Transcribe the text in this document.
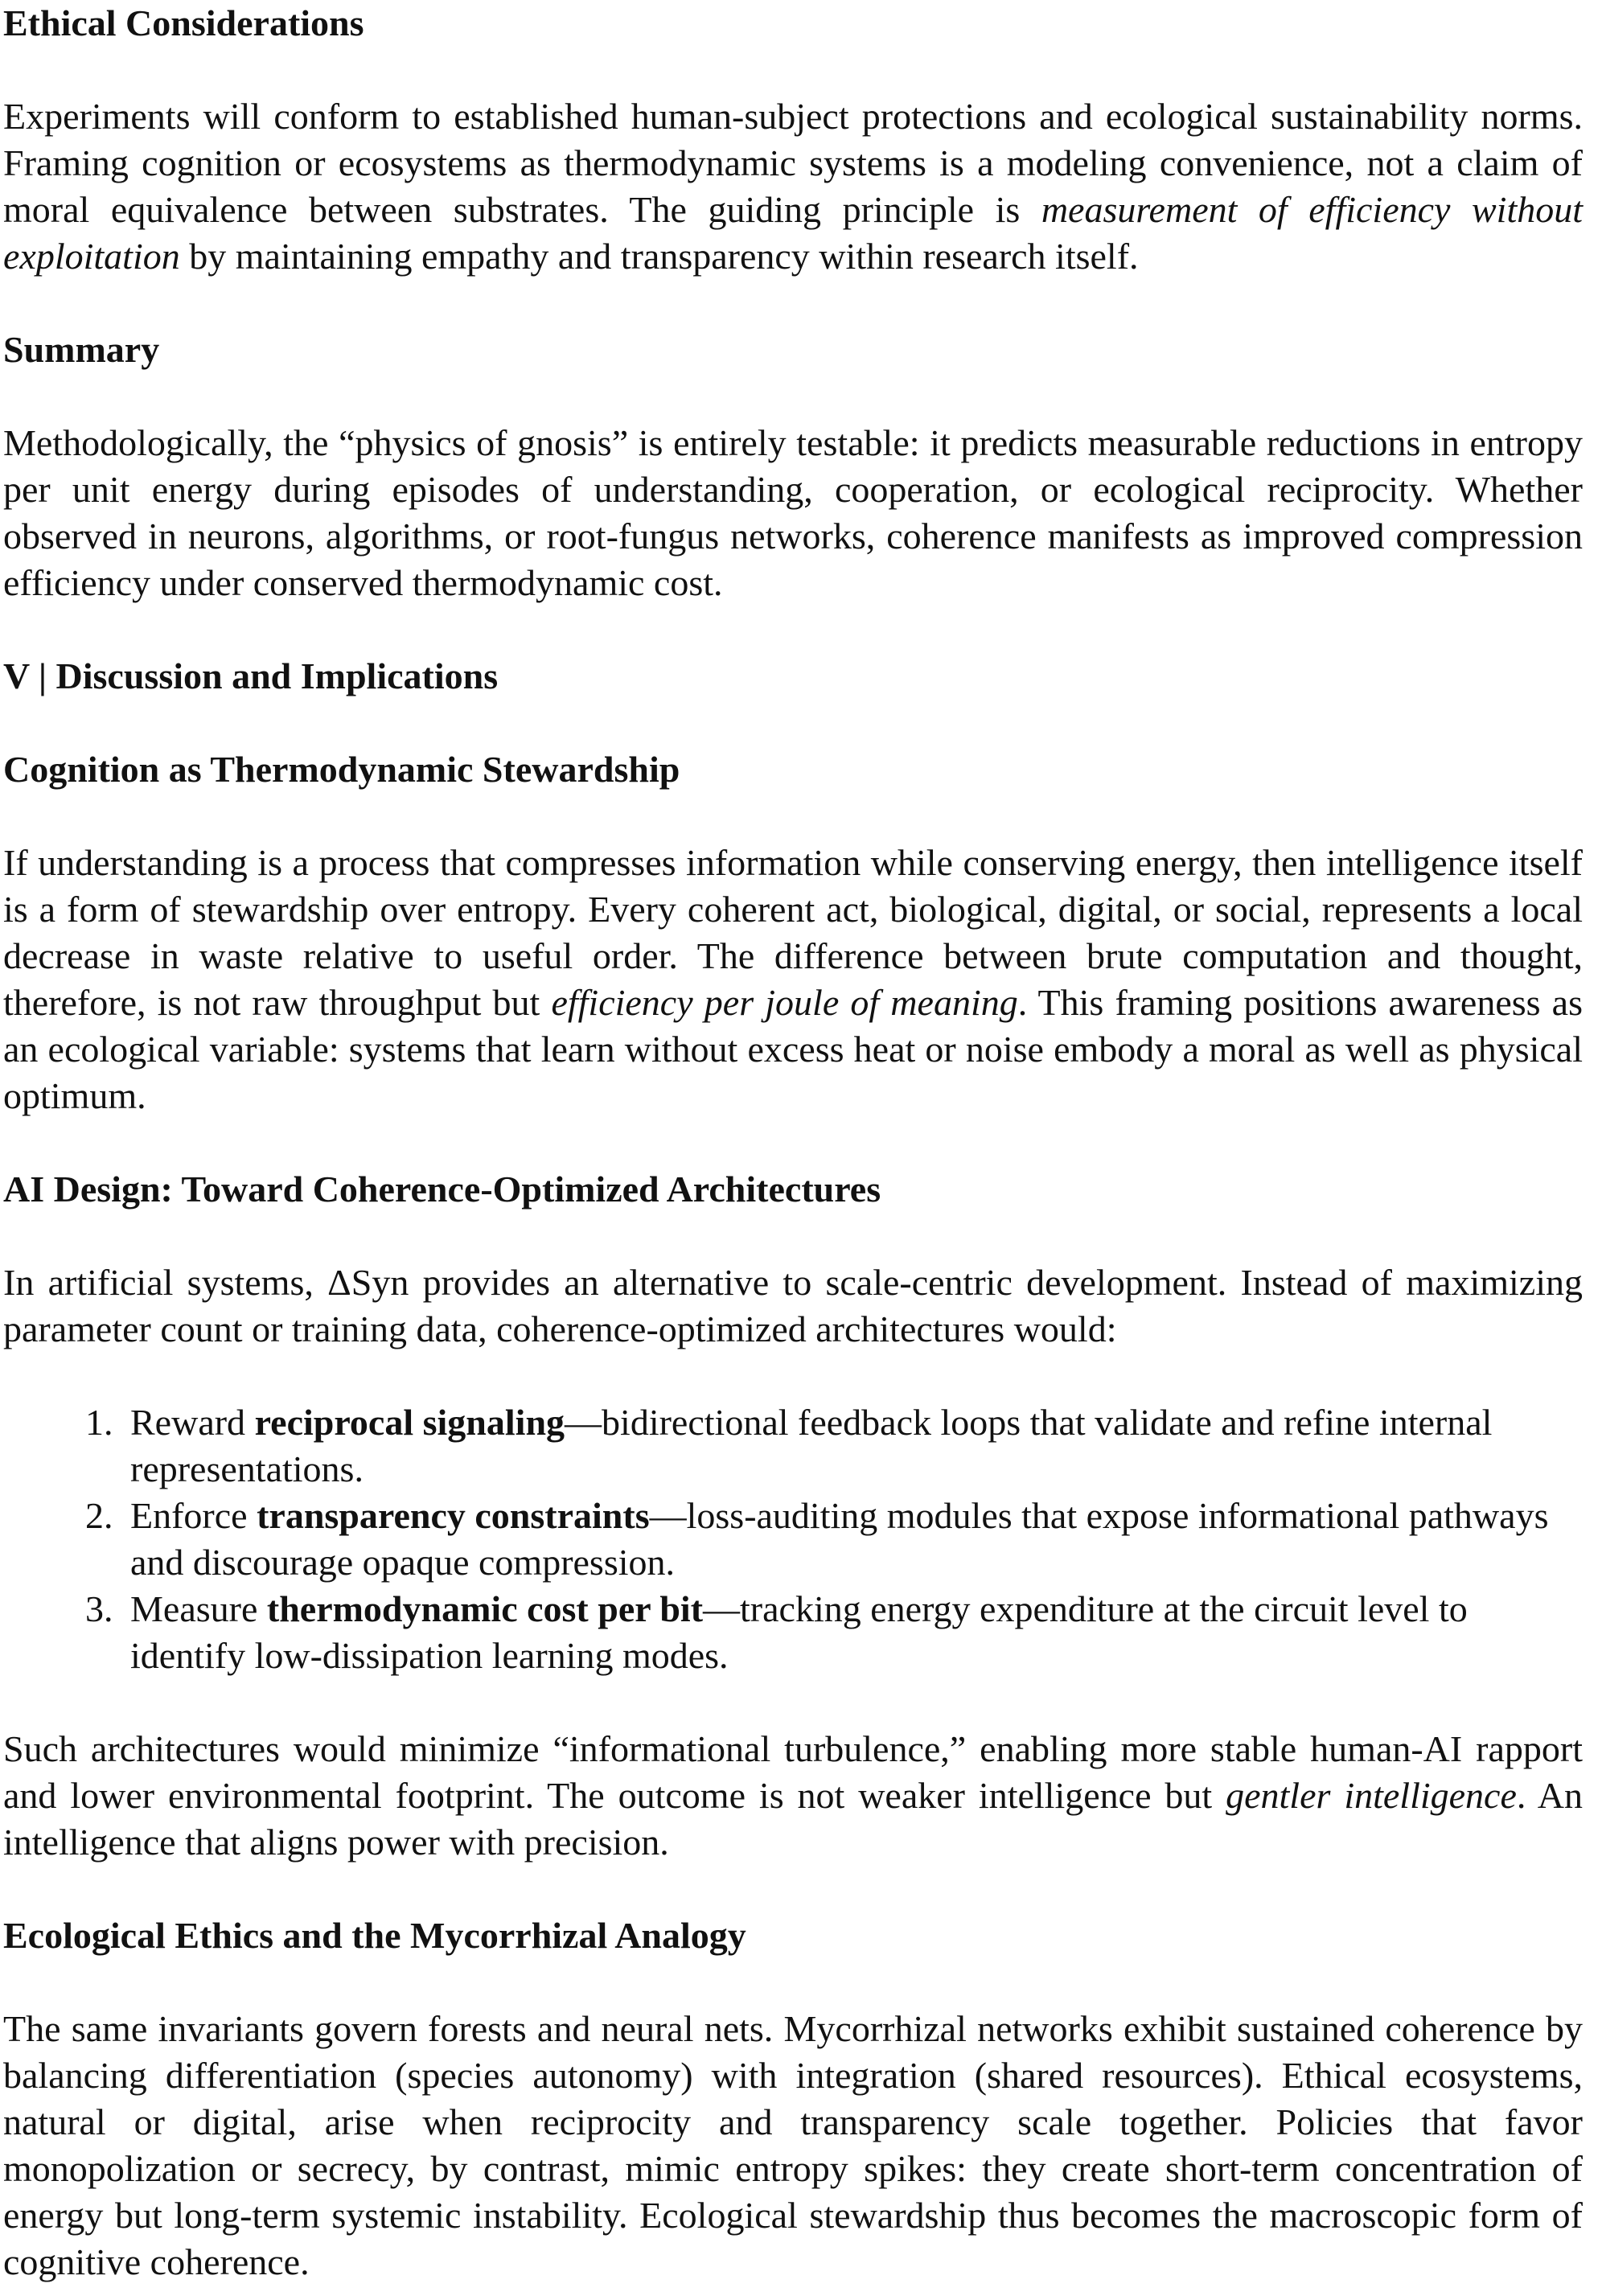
Ethical Considerations

Experiments will conform to established human-subject protections and ecological sustainability norms. Framing cognition or ecosystems as thermodynamic systems is a modeling convenience, not a claim of moral equivalence between substrates. The guiding principle is measurement of efficiency without exploitation by maintaining empathy and transparency within research itself.

Summary

Methodologically, the “physics of gnosis” is entirely testable: it predicts measurable reductions in entropy per unit energy during episodes of understanding, cooperation, or ecological reciprocity. Whether observed in neurons, algorithms, or root-fungus networks, coherence manifests as improved compression efficiency under conserved thermodynamic cost.

V | Discussion and Implications
Cognition as Thermodynamic Stewardship

If understanding is a process that compresses information while conserving energy, then intelligence itself is a form of stewardship over entropy. Every coherent act, biological, digital, or social, represents a local decrease in waste relative to useful order. The difference between brute computation and thought, therefore, is not raw throughput but efficiency per joule of meaning. This framing positions awareness as an ecological variable: systems that learn without excess heat or noise embody a moral as well as physical optimum.

AI Design: Toward Coherence-Optimized Architectures

In artificial systems, ΔSyn provides an alternative to scale-centric development. Instead of maximizing parameter count or training data, coherence-optimized architectures would:

1. Reward reciprocal signaling—bidirectional feedback loops that validate and refine internal representations.
2. Enforce transparency constraints—loss-auditing modules that expose informational pathways and discourage opaque compression.
3. Measure thermodynamic cost per bit—tracking energy expenditure at the circuit level to identify low-dissipation learning modes.

Such architectures would minimize “informational turbulence,” enabling more stable human-AI rapport and lower environmental footprint. The outcome is not weaker intelligence but gentler intelligence. An intelligence that aligns power with precision.

Ecological Ethics and the Mycorrhizal Analogy

The same invariants govern forests and neural nets. Mycorrhizal networks exhibit sustained coherence by balancing differentiation (species autonomy) with integration (shared resources). Ethical ecosystems, natural or digital, arise when reciprocity and transparency scale together. Policies that favor monopolization or secrecy, by contrast, mimic entropy spikes: they create short-term concentration of energy but long-term systemic instability. Ecological stewardship thus becomes the macroscopic form of cognitive coherence.
